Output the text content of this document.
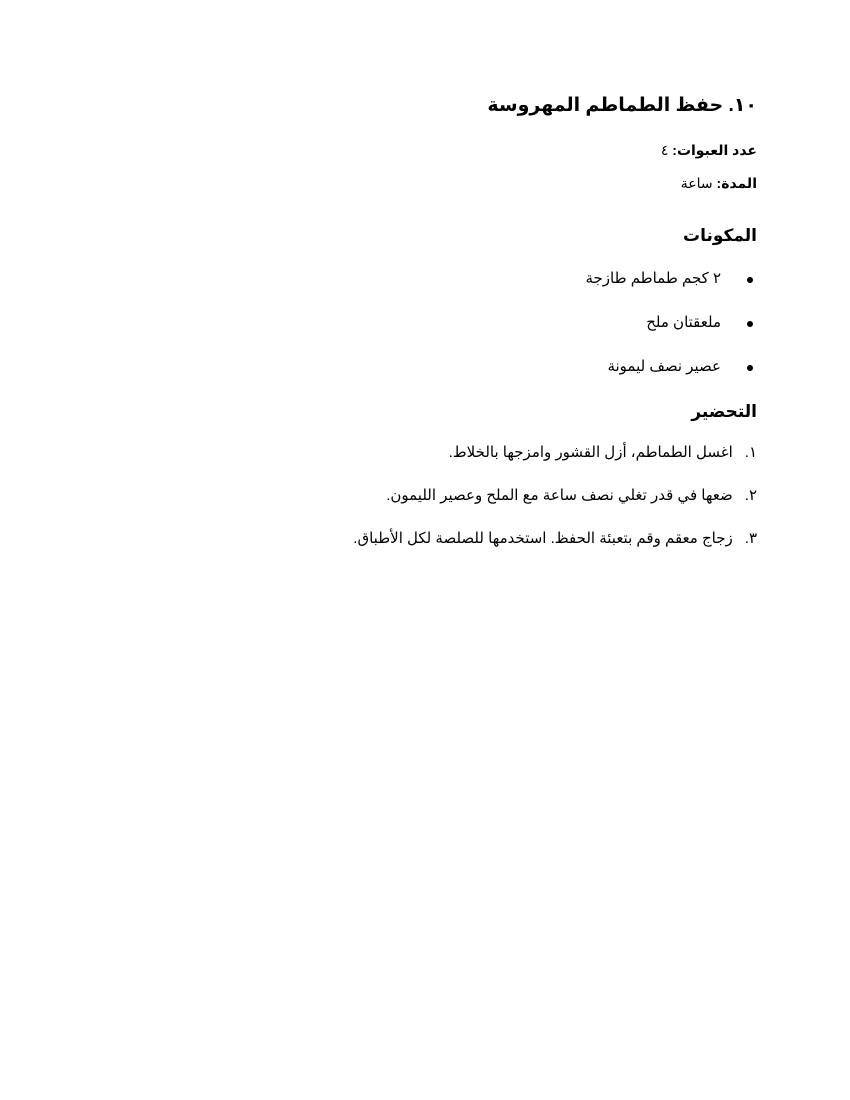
١٠. حفظ الطماطم المهروسة
عدد العبوات: ٤
المدة: ساعة
المكونات
٢ كجم طماطم طازجة
ملعقتان ملح
عصير نصف ليمونة
التحضير
١.اغسل الطماطم، أزل القشور وامزجها بالخلاط.
٢.ضعها في قدر تغلي نصف ساعة مع الملح وعصير الليمون.
٣.زجاج معقم وقم بتعبئة الحفظ. استخدمها للصلصة لكل الأطباق.
